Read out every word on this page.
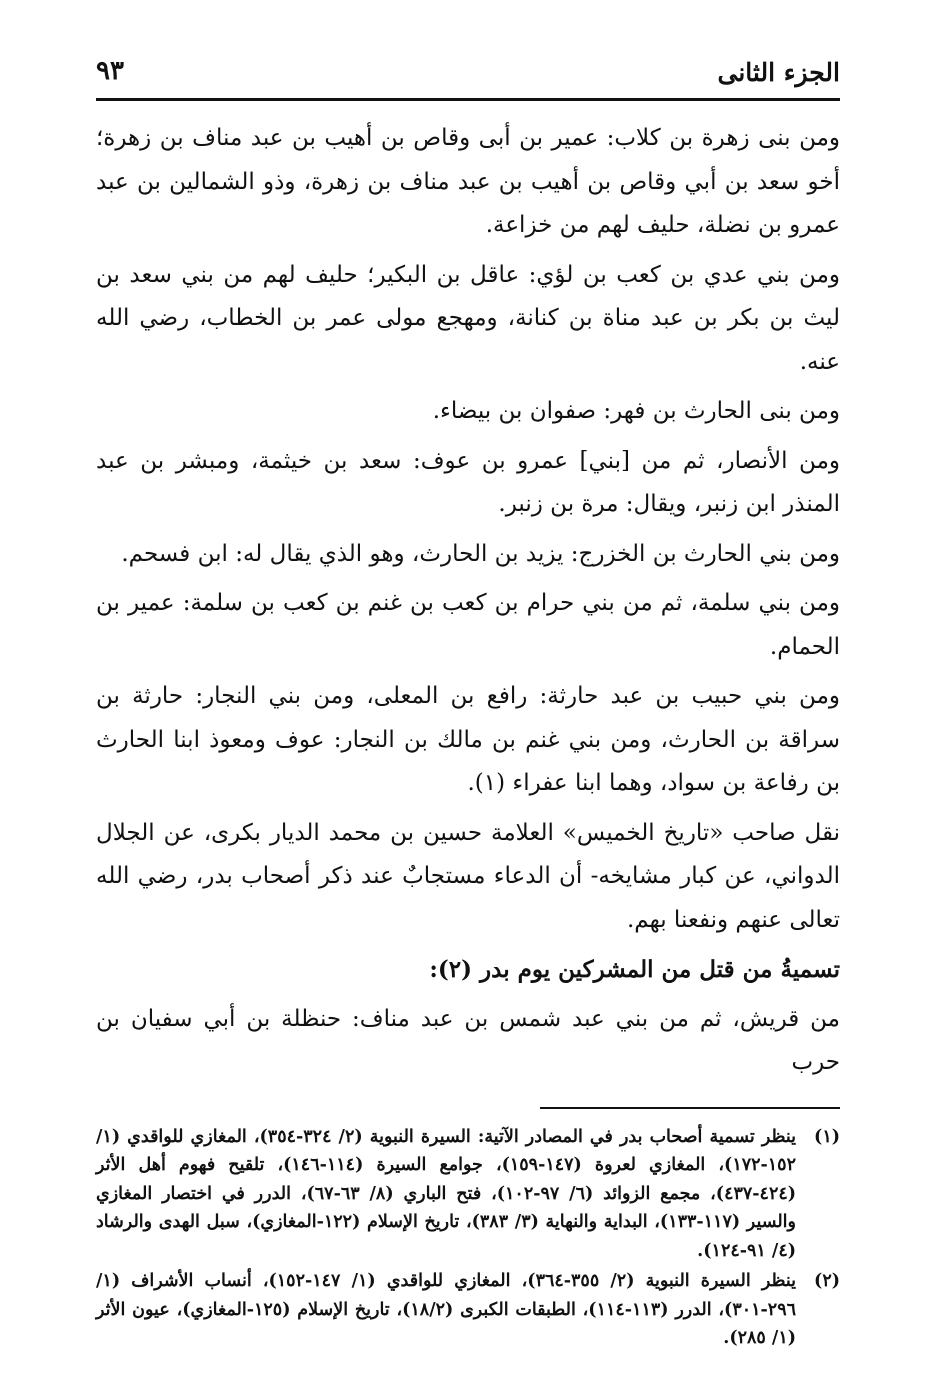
الجزء الثانى
٩٣

ومن بنى زهرة بن كلاب: عمير بن أبى وقاص بن أهيب بن عبد مناف بن زهرة؛ أخو سعد بن أبي وقاص بن أهيب بن عبد مناف بن زهرة، وذو الشمالين بن عبد عمرو بن نضلة، حليف لهم من خزاعة.

ومن بني عدي بن كعب بن لؤي: عاقل بن البكير؛ حليف لهم من بني سعد بن ليث بن بكر بن عبد مناة بن كنانة، ومهجع مولى عمر بن الخطاب، رضي الله عنه.

ومن بنى الحارث بن فهر: صفوان بن بيضاء.

ومن الأنصار، ثم من [بني] عمرو بن عوف: سعد بن خيثمة، ومبشر بن عبد المنذر ابن زنبر، ويقال: مرة بن زنبر.

ومن بني الحارث بن الخزرج: يزيد بن الحارث، وهو الذي يقال له: ابن فسحم.

ومن بني سلمة، ثم من بني حرام بن كعب بن غنم بن كعب بن سلمة: عمير بن الحمام.

ومن بني حبيب بن عبد حارثة: رافع بن المعلى، ومن بني النجار: حارثة بن سراقة بن الحارث، ومن بني غنم بن مالك بن النجار: عوف ومعوذ ابنا الحارث بن رفاعة بن سواد، وهما ابنا عفراء (١).

نقل صاحب «تاريخ الخميس» العلامة حسين بن محمد الديار بكرى، عن الجلال الدواني، عن كبار مشايخه- أن الدعاء مستجابٌ عند ذكر أصحاب بدر، رضي الله تعالى عنهم ونفعنا بهم.

تسميةُ من قتل من المشركين يوم بدر (٢):

من قريش، ثم من بني عبد شمس بن عبد مناف: حنظلة بن أبي سفيان بن حرب

(١)
ينظر تسمية أصحاب بدر في المصادر الآتية: السيرة النبوية (٢/ ٣٢٤-٣٥٤)، المغازي للواقدي (١/ ١٥٢-١٧٢)، المغازي لعروة (١٤٧-١٥٩)، جوامع السيرة (١١٤-١٤٦)، تلقيح فهوم أهل الأثر (٤٢٤-٤٣٧)، مجمع الزوائد (٦/ ٩٧-١٠٢)، فتح الباري (٨/ ٦٣-٦٧)، الدرر في اختصار المغازي والسير (١١٧-١٣٣)، البداية والنهاية (٣/ ٣٨٣)، تاريخ الإسلام (١٢٢-المغازي)، سبل الهدى والرشاد (٤/ ٩١-١٢٤).
(٢)
ينظر السيرة النبوية (٢/ ٣٥٥-٣٦٤)، المغازي للواقدي (١/ ١٤٧-١٥٢)، أنساب الأشراف (١/ ٢٩٦-٣٠١)، الدرر (١١٣-١١٤)، الطبقات الكبرى (١٨/٢)، تاريخ الإسلام (١٢٥-المغازي)، عيون الأثر (١/ ٢٨٥).
